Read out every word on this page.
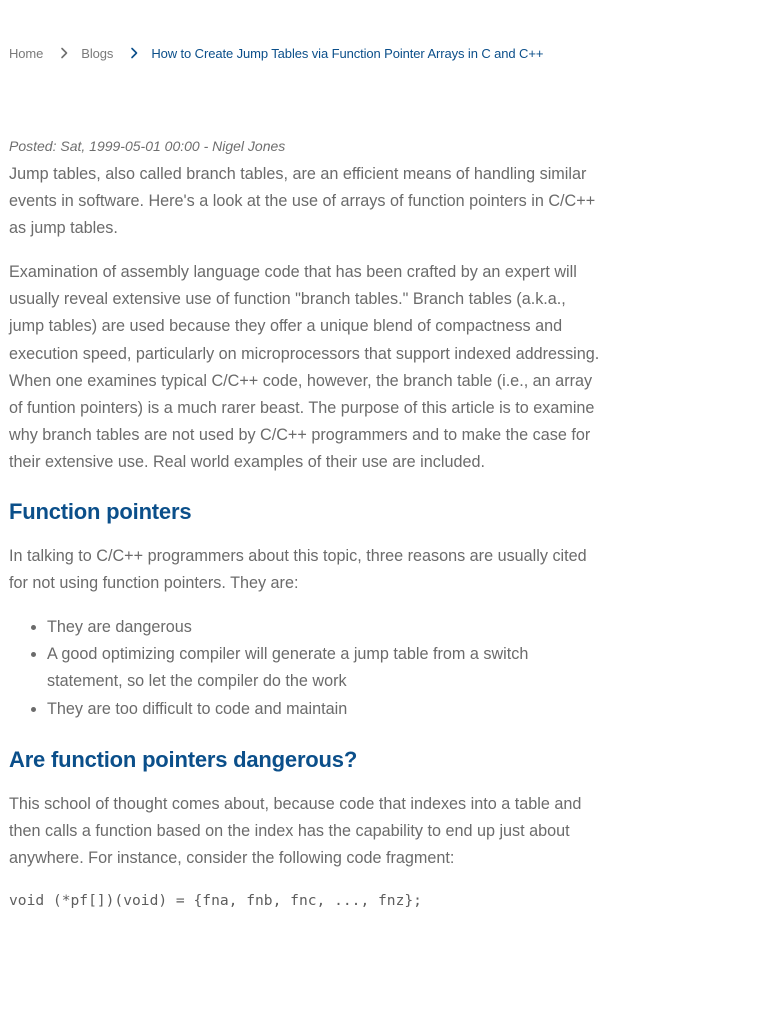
Home	Blogs	How to Create Jump Tables via Function Pointer Arrays in C and C++

Posted: Sat, 1999-05-01 00:00 - Nigel Jones

Jump tables, also called branch tables, are an efficient means of handling similar events in software. Here's a look at the use of arrays of function pointers in C/C++ as jump tables.

Examination of assembly language code that has been crafted by an expert will usually reveal extensive use of function "branch tables." Branch tables (a.k.a., jump tables) are used because they offer a unique blend of compactness and execution speed, particularly on microprocessors that support indexed addressing. When one examines typical C/C++ code, however, the branch table (i.e., an array of funtion pointers) is a much rarer beast. The purpose of this article is to examine why branch tables are not used by C/C++ programmers and to make the case for their extensive use. Real world examples of their use are included.

Function pointers

In talking to C/C++ programmers about this topic, three reasons are usually cited for not using function pointers. They are:

• They are dangerous
• A good optimizing compiler will generate a jump table from a switch statement, so let the compiler do the work
• They are too difficult to code and maintain
Are function pointers dangerous?

This school of thought comes about, because code that indexes into a table and then calls a function based on the index has the capability to end up just about anywhere. For instance, consider the following code fragment:

void (*pf[])(void) = {fna, fnb, fnc, ..., fnz};
